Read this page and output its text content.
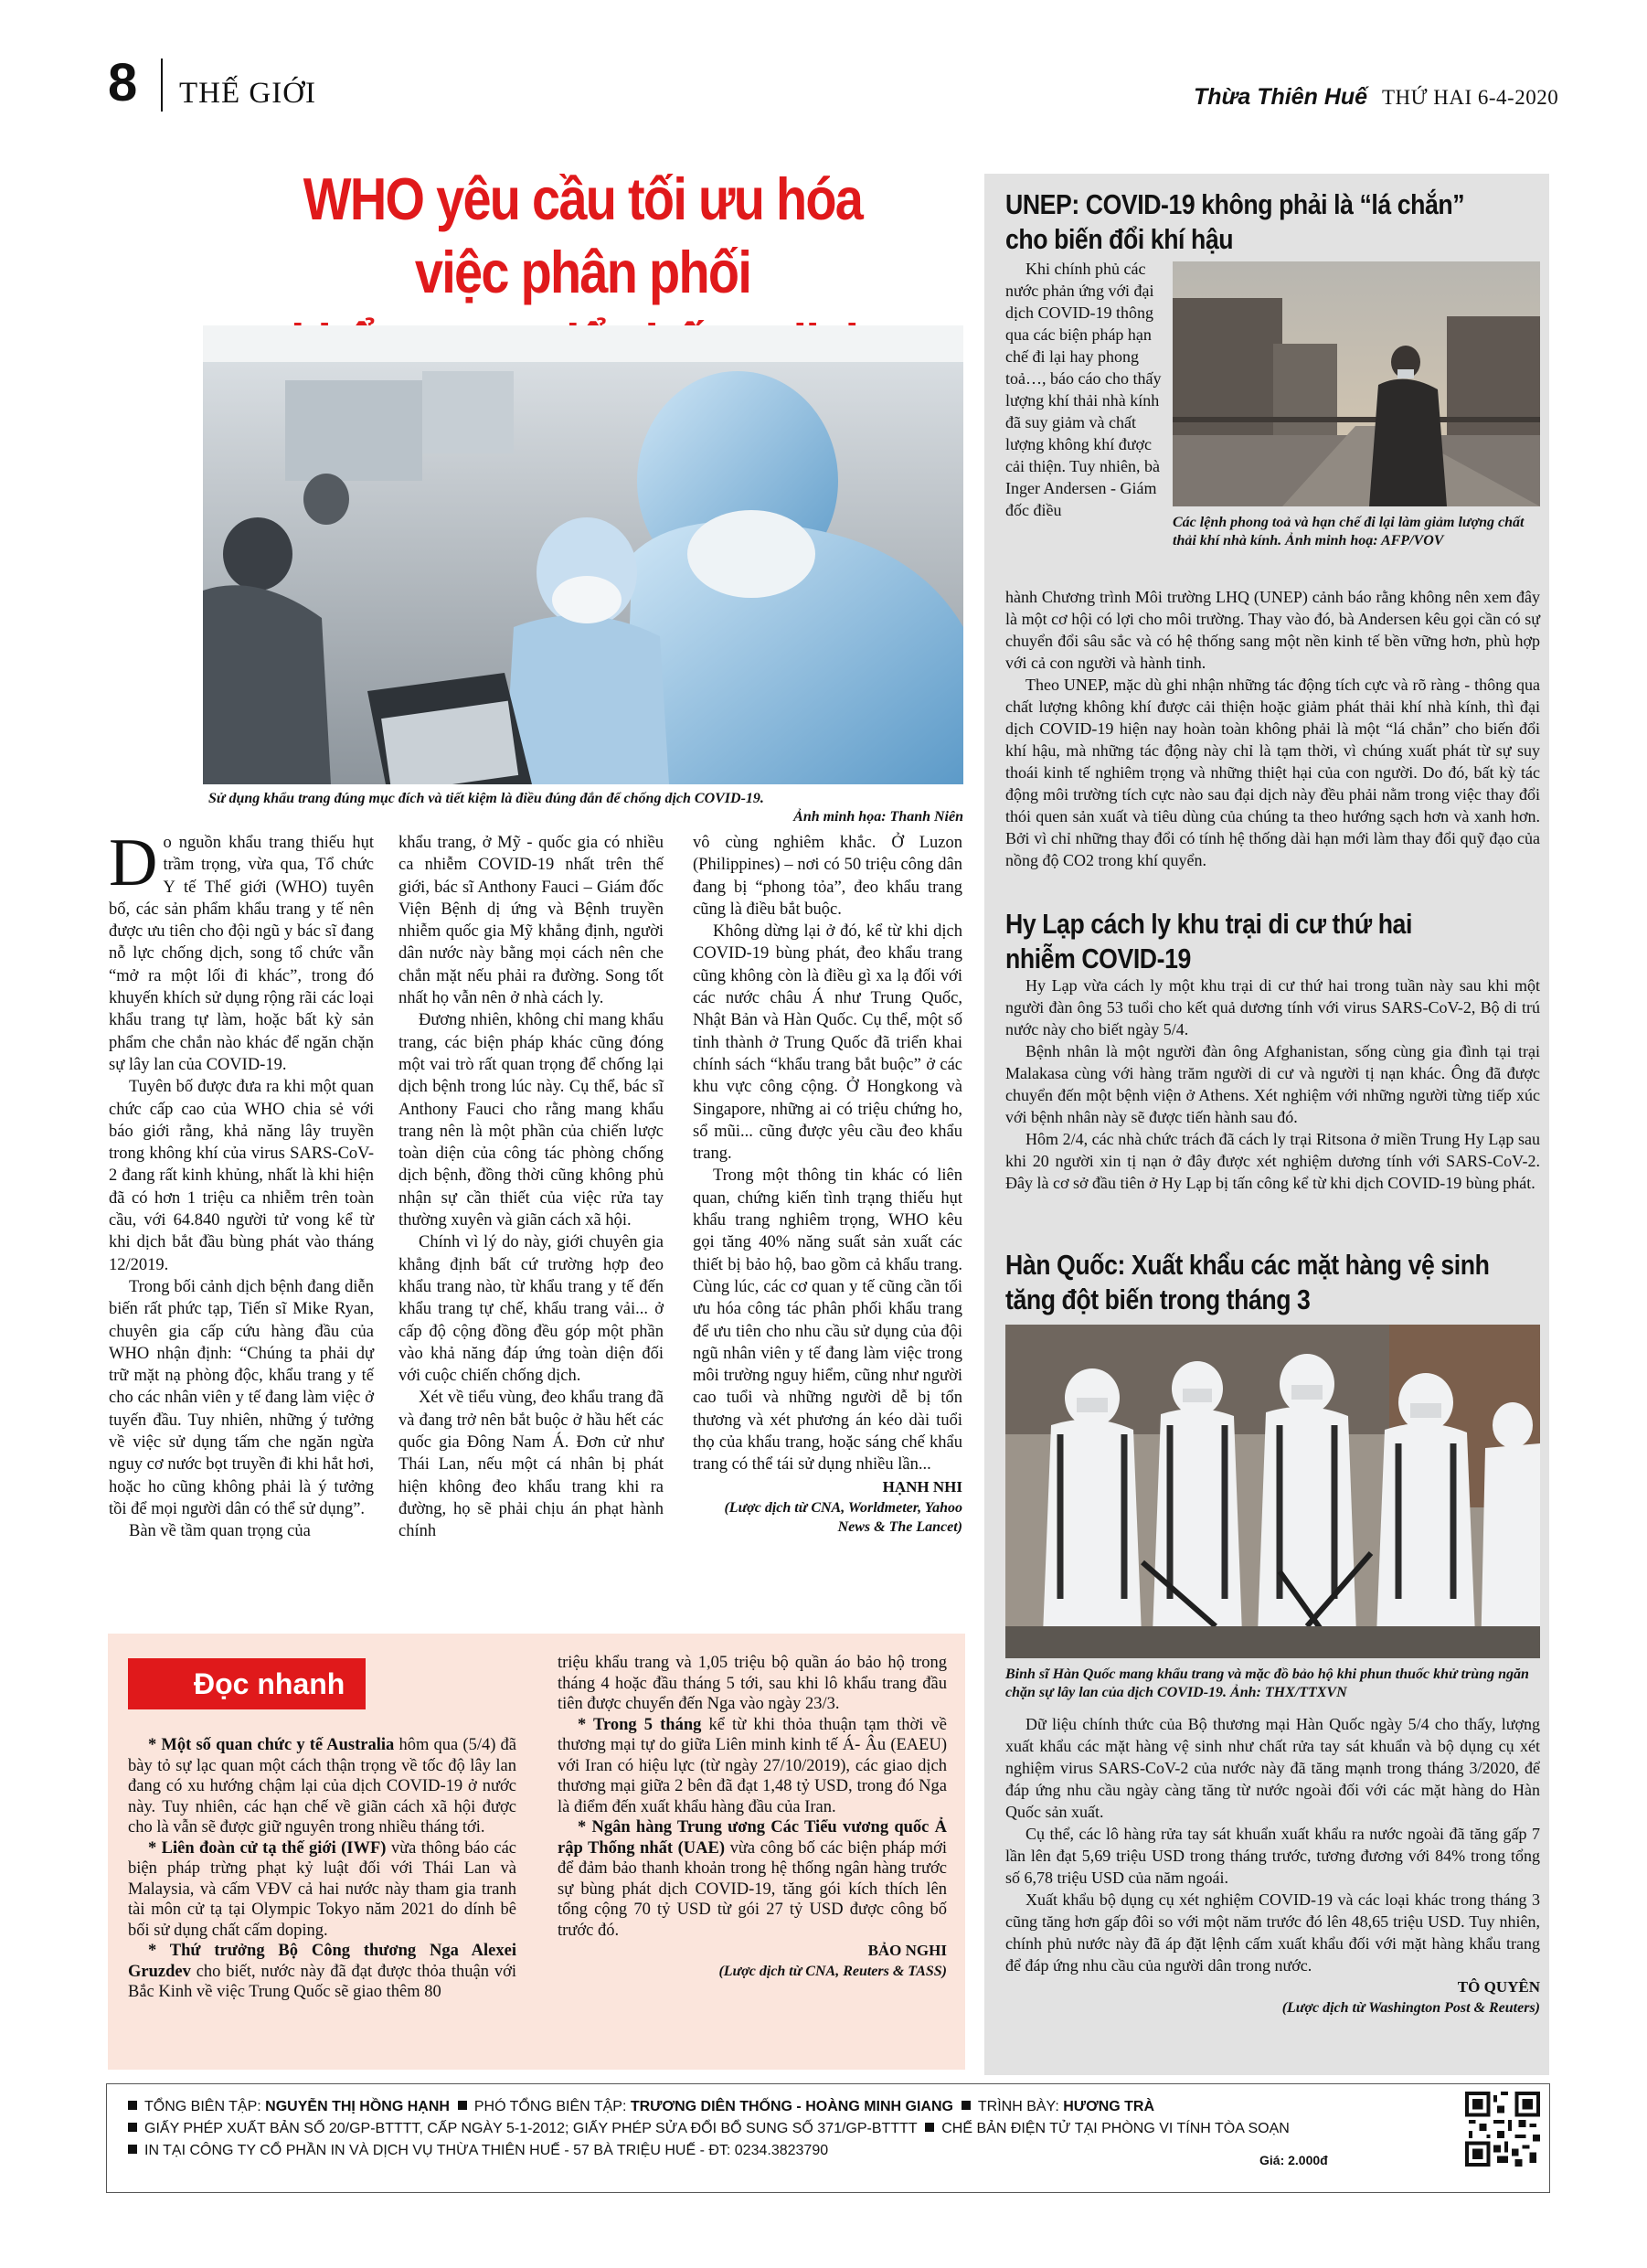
8 THẾ GIỚI	Thừa Thiên Huế THỨ HAI 6-4-2020
WHO yêu cầu tối ưu hóa việc phân phối
Sử dụng khẩu trang đúng mục đích và tiết kiệm là điều đúng đắn để chống dịch COVID-19.
Ảnh minh họa: Thanh Niên

Do nguồn khẩu trang thiếu hụt trầm trọng, vừa qua, Tổ chức Y tế Thế giới (WHO) tuyên bố, các sản phẩm khẩu trang y tế nên được ưu tiên cho đội ngũ y bác sĩ đang nỗ lực chống dịch, song tổ chức vẫn “mở ra một lối đi khác”, trong đó khuyến khích sử dụng rộng rãi các loại khẩu trang tự làm, hoặc bất kỳ sản phẩm che chắn nào khác để ngăn chặn sự lây lan của COVID-19.

Tuyên bố được đưa ra khi một quan chức cấp cao của WHO chia sẻ với báo giới rằng, khả năng lây truyền trong không khí của virus SARS-CoV-2 đang rất kinh khủng, nhất là khi hiện đã có hơn 1 triệu ca nhiễm trên toàn cầu, với 64.840 người tử vong kể từ khi dịch bắt đầu bùng phát vào tháng 12/2019.

Trong bối cảnh dịch bệnh đang diễn biến rất phức tạp, Tiến sĩ Mike Ryan, chuyên gia cấp cứu hàng đầu của WHO nhận định: “Chúng ta phải dự trữ mặt nạ phòng độc, khẩu trang y tế cho các nhân viên y tế đang làm việc ở tuyến đầu. Tuy nhiên, những ý tưởng về việc sử dụng tấm che ngăn ngừa nguy cơ nước bọt truyền đi khi hắt hơi, hoặc ho cũng không phải là ý tưởng tồi để mọi người dân có thể sử dụng”.

Bàn về tầm quan trọng của

khẩu trang, ở Mỹ - quốc gia có nhiều ca nhiễm COVID-19 nhất trên thế giới, bác sĩ Anthony Fauci – Giám đốc Viện Bệnh dị ứng và Bệnh truyền nhiễm quốc gia Mỹ khẳng định, người dân nước này bằng mọi cách nên che chắn mặt nếu phải ra đường. Song tốt nhất họ vẫn nên ở nhà cách ly.

Đương nhiên, không chỉ mang khẩu trang, các biện pháp khác cũng đóng một vai trò rất quan trọng để chống lại dịch bệnh trong lúc này. Cụ thể, bác sĩ Anthony Fauci cho rằng mang khẩu trang nên là một phần của chiến lược toàn diện của công tác phòng chống dịch bệnh, đồng thời cũng không phủ nhận sự cần thiết của việc rửa tay thường xuyên và giãn cách xã hội.

Chính vì lý do này, giới chuyên gia khẳng định bất cứ trường hợp đeo khẩu trang nào, từ khẩu trang y tế đến khẩu trang tự chế, khẩu trang vải... ở cấp độ cộng đồng đều góp một phần vào khả năng đáp ứng toàn diện đối với cuộc chiến chống dịch.

Xét về tiểu vùng, đeo khẩu trang đã và đang trở nên bắt buộc ở hầu hết các quốc gia Đông Nam Á. Đơn cử như Thái Lan, nếu một cá nhân bị phát hiện không đeo khẩu trang khi ra đường, họ sẽ phải chịu án phạt hành chính

vô cùng nghiêm khắc. Ở Luzon (Philippines) – nơi có 50 triệu công dân đang bị “phong tỏa”, đeo khẩu trang cũng là điều bắt buộc.

Không dừng lại ở đó, kể từ khi dịch COVID-19 bùng phát, đeo khẩu trang cũng không còn là điều gì xa lạ đối với các nước châu Á như Trung Quốc, Nhật Bản và Hàn Quốc. Cụ thể, một số tỉnh thành ở Trung Quốc đã triển khai chính sách “khẩu trang bắt buộc” ở các khu vực công cộng. Ở Hongkong và Singapore, những ai có triệu chứng ho, sổ mũi... cũng được yêu cầu đeo khẩu trang.

Trong một thông tin khác có liên quan, chứng kiến tình trạng thiếu hụt khẩu trang nghiêm trọng, WHO kêu gọi tăng 40% năng suất sản xuất các thiết bị bảo hộ, bao gồm cả khẩu trang. Cùng lúc, các cơ quan y tế cũng cần tối ưu hóa công tác phân phối khẩu trang để ưu tiên cho nhu cầu sử dụng của đội ngũ nhân viên y tế đang làm việc trong môi trường nguy hiểm, cũng như người cao tuổi và những người dễ bị tổn thương và xét phương án kéo dài tuổi thọ của khẩu trang, hoặc sáng chế khẩu trang có thể tái sử dụng nhiều lần...

HẠNH NHI
(Lược dịch từ CNA, Worldmeter, Yahoo News & The Lancet)
UNEP: COVID-19 không phải là “lá chắn”
cho biến đổi khí hậu

Khi chính phủ các nước phản ứng với đại dịch COVID-19 thông qua các biện pháp hạn chế đi lại hay phong toả…, báo cáo cho thấy lượng khí thải nhà kính đã suy giảm và chất lượng không khí được cải thiện. Tuy nhiên, bà Inger Andersen - Giám đốc điều

Các lệnh phong toả và hạn chế đi lại làm giảm lượng chất thải khí nhà kính. Ảnh minh hoạ: AFP/VOV

hành Chương trình Môi trường LHQ (UNEP) cảnh báo rằng không nên xem đây là một cơ hội có lợi cho môi trường. Thay vào đó, bà Andersen kêu gọi cần có sự chuyển đổi sâu sắc và có hệ thống sang một nền kinh tế bền vững hơn, phù hợp với cả con người và hành tinh.

Theo UNEP, mặc dù ghi nhận những tác động tích cực và rõ ràng - thông qua chất lượng không khí được cải thiện hoặc giảm phát thải khí nhà kính, thì đại dịch COVID-19 hiện nay hoàn toàn không phải là một “lá chắn” cho biến đổi khí hậu, mà những tác động này chỉ là tạm thời, vì chúng xuất phát từ sự suy thoái kinh tế nghiêm trọng và những thiệt hại của con người. Do đó, bất kỳ tác động môi trường tích cực nào sau đại dịch này đều phải nằm trong việc thay đổi thói quen sản xuất và tiêu dùng của chúng ta theo hướng sạch hơn và xanh hơn. Bởi vì chỉ những thay đổi có tính hệ thống dài hạn mới làm thay đổi quỹ đạo của nồng độ CO2 trong khí quyển.

Hy Lạp cách ly khu trại di cư thứ hai
nhiễm COVID-19

Hy Lạp vừa cách ly một khu trại di cư thứ hai trong tuần này sau khi một người đàn ông 53 tuổi cho kết quả dương tính với virus SARS-CoV-2, Bộ di trú nước này cho biết ngày 5/4.

Bệnh nhân là một người đàn ông Afghanistan, sống cùng gia đình tại trại Malakasa cùng với hàng trăm người di cư và người tị nạn khác. Ông đã được chuyển đến một bệnh viện ở Athens. Xét nghiệm với những người từng tiếp xúc với bệnh nhân này sẽ được tiến hành sau đó.

Hôm 2/4, các nhà chức trách đã cách ly trại Ritsona ở miền Trung Hy Lạp sau khi 20 người xin tị nạn ở đây được xét nghiệm dương tính với SARS-CoV-2. Đây là cơ sở đầu tiên ở Hy Lạp bị tấn công kể từ khi dịch COVID-19 bùng phát.

Hàn Quốc: Xuất khẩu các mặt hàng vệ sinh
tăng đột biến trong tháng 3
Binh sĩ Hàn Quốc mang khẩu trang và mặc đồ bảo hộ khi phun thuốc khử trùng ngăn chặn sự lây lan của dịch COVID-19. Ảnh: THX/TTXVN

Dữ liệu chính thức của Bộ thương mại Hàn Quốc ngày 5/4 cho thấy, lượng xuất khẩu các mặt hàng vệ sinh như chất rửa tay sát khuẩn và bộ dụng cụ xét nghiệm virus SARS-CoV-2 của nước này đã tăng mạnh trong tháng 3/2020, để đáp ứng nhu cầu ngày càng tăng từ nước ngoài đối với các mặt hàng do Hàn Quốc sản xuất.

Cụ thể, các lô hàng rửa tay sát khuẩn xuất khẩu ra nước ngoài đã tăng gấp 7 lần lên đạt 5,69 triệu USD trong tháng trước, tương đương với 84% trong tổng số 6,78 triệu USD của năm ngoái.

Xuất khẩu bộ dụng cụ xét nghiệm COVID-19 và các loại khác trong tháng 3 cũng tăng hơn gấp đôi so với một năm trước đó lên 48,65 triệu USD. Tuy nhiên, chính phủ nước này đã áp đặt lệnh cấm xuất khẩu đối với mặt hàng khẩu trang để đáp ứng nhu cầu của người dân trong nước.

TÔ QUYÊN
(Lược dịch từ Washington Post & Reuters)
Đọc nhanh

* Một số quan chức y tế Australia hôm qua (5/4) đã bày tỏ sự lạc quan một cách thận trọng về tốc độ lây lan đang có xu hướng chậm lại của dịch COVID-19 ở nước này. Tuy nhiên, các hạn chế về giãn cách xã hội được cho là vẫn sẽ được giữ nguyên trong nhiều tháng tới.

* Liên đoàn cử tạ thế giới (IWF) vừa thông báo các biện pháp trừng phạt kỷ luật đối với Thái Lan và Malaysia, và cấm VĐV cả hai nước này tham gia tranh tài môn cử tạ tại Olympic Tokyo năm 2021 do dính bê bối sử dụng chất cấm doping.

* Thứ trưởng Bộ Công thương Nga Alexei Gruzdev cho biết, nước này đã đạt được thỏa thuận với Bắc Kinh về việc Trung Quốc sẽ giao thêm 80

triệu khẩu trang và 1,05 triệu bộ quần áo bảo hộ trong tháng 4 hoặc đầu tháng 5 tới, sau khi lô khẩu trang đầu tiên được chuyển đến Nga vào ngày 23/3.

* Trong 5 tháng kể từ khi thỏa thuận tạm thời về thương mại tự do giữa Liên minh kinh tế Á- Âu (EAEU) với Iran có hiệu lực (từ ngày 27/10/2019), các giao dịch thương mại giữa 2 bên đã đạt 1,48 tỷ USD, trong đó Nga là điểm đến xuất khẩu hàng đầu của Iran.

* Ngân hàng Trung ương Các Tiểu vương quốc Ả rập Thống nhất (UAE) vừa công bố các biện pháp mới để đảm bảo thanh khoản trong hệ thống ngân hàng trước sự bùng phát dịch COVID-19, tăng gói kích thích lên tổng cộng 70 tỷ USD từ gói 27 tỷ USD được công bố trước đó.

BẢO NGHI
(Lược dịch từ CNA, Reuters & TASS)
TỔNG BIÊN TẬP: NGUYỄN THỊ HỒNG HẠNH PHÓ TỔNG BIÊN TẬP: TRƯƠNG DIÊN THỐNG - HOÀNG MINH GIANG TRÌNH BÀY: HƯƠNG TRÀ
GIẤY PHÉP XUẤT BẢN SỐ 20/GP-BTTTT, CẤP NGÀY 5-1-2012; GIẤY PHÉP SỬA ĐỔI BỔ SUNG SỐ 371/GP-BTTTT CHẾ BẢN ĐIỆN TỬ TẠI PHÒNG VI TÍNH TÒA SOẠN
IN TẠI CÔNG TY CỔ PHẦN IN VÀ DỊCH VỤ THỪA THIÊN HUẾ - 57 BÀ TRIỆU HUẾ - ĐT: 0234.3823790
Giá: 2.000đ
